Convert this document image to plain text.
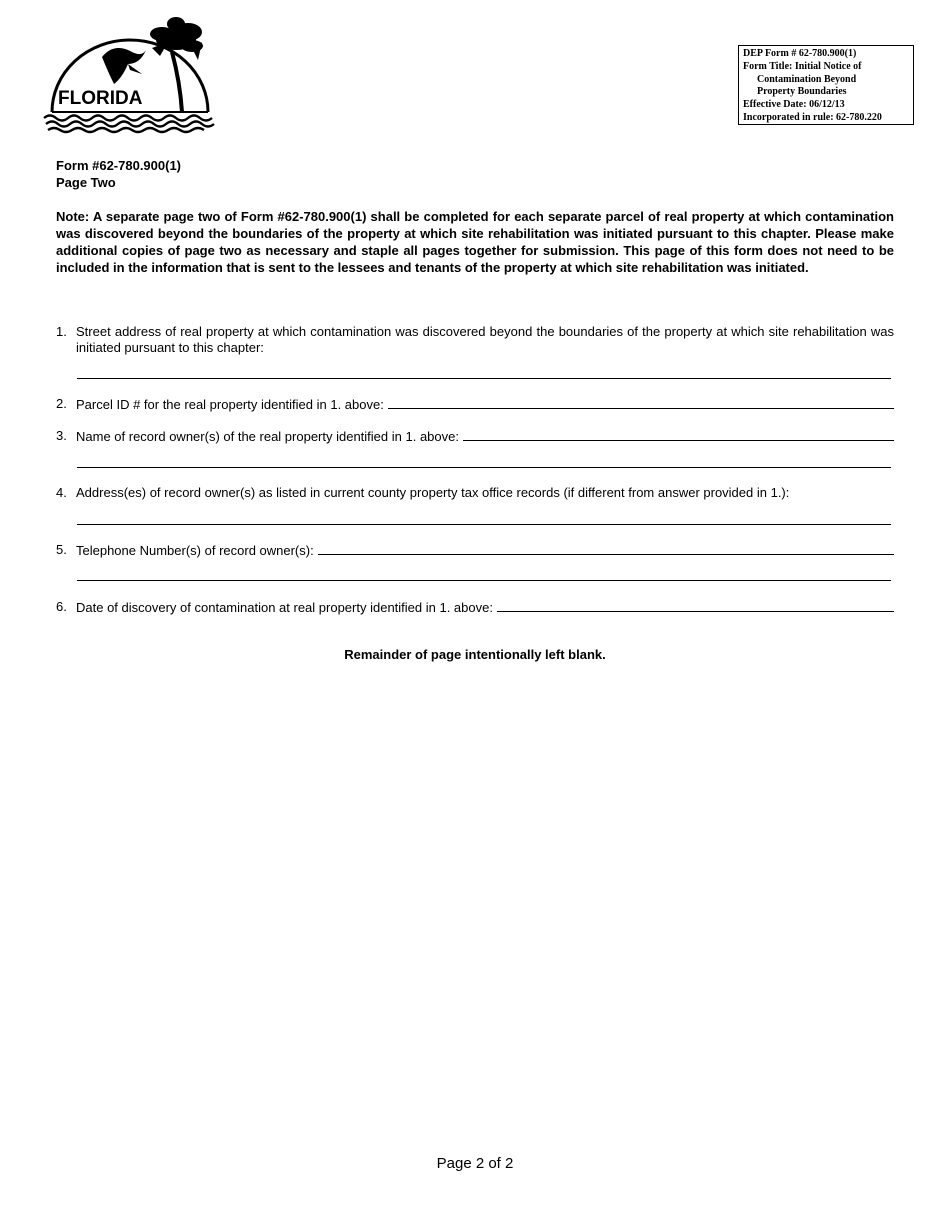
FLORIDA
DEP Form # 62-780.900(1)
Form Title: Initial Notice of
Contamination Beyond
Property Boundaries
Effective Date: 06/12/13
Incorporated in rule: 62-780.220
Form #62-780.900(1)
Page Two

Note: A separate page two of Form #62-780.900(1) shall be completed for each separate parcel of real property at which contamination was discovered beyond the boundaries of the property at which site rehabilitation was initiated pursuant to this chapter. Please make additional copies of page two as necessary and staple all pages together for submission. This page of this form does not need to be included in the information that is sent to the lessees and tenants of the property at which site rehabilitation was initiated.

1. Street address of real property at which contamination was discovered beyond the boundaries of the property at which site rehabilitation was initiated pursuant to this chapter:
2. Parcel ID # for the real property identified in 1. above:
3. Name of record owner(s) of the real property identified in 1. above:
4. Address(es) of record owner(s) as listed in current county property tax office records (if different from answer provided in 1.):
5. Telephone Number(s) of record owner(s):
6. Date of discovery of contamination at real property identified in 1. above:
Remainder of page intentionally left blank.
Page 2 of 2
